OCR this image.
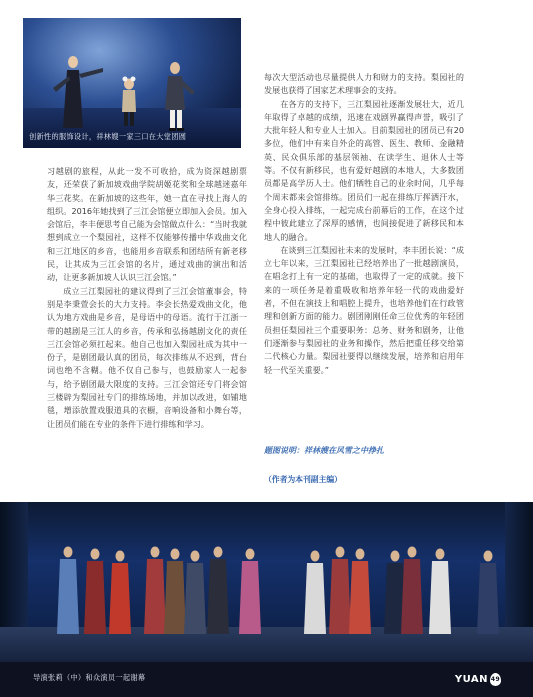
创新性的服饰设计，祥林嫂一家三口在大堂团圆

习越剧的旅程，从此一发不可收拾，成为资深越剧票友，还荣获了新加坡戏曲学院胡姬花奖和全球越迷嘉年华三花奖。在新加坡的这些年，她一直在寻找上海人的组织。2016年她找到了三江会馆便立即加入会员。加入会馆后，李丰便思考自己能为会馆做点什么：“当时我就想到成立一个梨园社，这样不仅能够传播中华戏曲文化和三江地区的乡音，也能用乡音联系和团结所有新老移民，让其成为三江会馆的名片，通过戏曲的演出和活动，让更多新加坡人认识三江会馆。”

成立三江梨园社的建议得到了三江会馆董事会，特别是李秉萱会长的大力支持。李会长热爱戏曲文化，他认为地方戏曲是乡音，是母语中的母语。流行于江浙一带的越剧是三江人的乡音，传承和弘扬越剧文化的责任三江会馆必须扛起来。他自己也加入梨园社成为其中一份子，是剧团最认真的团员，每次排练从不迟到，背台词也绝不含糊。他不仅自己参与，也鼓励家人一起参与，给予剧团最大限度的支持。三江会馆还专门将会馆三楼辟为梨园社专门的排练场地，并加以改进，如铺地毯，增添放置戏服道具的衣橱，音响设备和小舞台等，让团员们能在专业的条件下进行排练和学习。

每次大型活动也尽量提供人力和财力的支持。梨园社的发展也获得了国家艺术理事会的支持。

在各方的支持下，三江梨园社逐渐发展壮大，近几年取得了卓越的成绩，迅速在戏剧界赢得声誉，吸引了大批年轻人和专业人士加入。目前梨园社的团员已有20多位，他们中有来自外企的高管、医生、教师、金融精英、民众俱乐部的基层领袖、在读学生、退休人士等等。不仅有新移民，也有爱好越剧的本地人，大多数团员都是高学历人士。他们牺牲自己的业余时间，几乎每个周末都来会馆排练。团员们一起在排练厅挥洒汗水，全身心投入排练，一起完成台前幕后的工作，在这个过程中彼此建立了深厚的感情，也间接促进了新移民和本地人的融合。

在谈到三江梨园社未来的发展时，李丰团长说：“成立七年以来，三江梨园社已经培养出了一批越剧演员，在唱念打上有一定的基础，也取得了一定的成就。接下来的一项任务是着重吸收和培养年轻一代的戏曲爱好者，不但在演技上和唱腔上提升，也培养他们在行政管理和创新方面的能力。剧团刚刚任命三位优秀的年轻团员担任梨园社三个重要职务：总务、财务和剧务，让他们逐渐参与梨园社的业务和操作，然后把重任移交给第二代核心力量。梨园社要得以继续发展，培养和启用年轻一代至关重要。”

题图说明：祥林嫂在风雪之中挣扎
（作者为本刊副主编）
导演张莉（中）和众演员一起谢幕	YUAN 49
